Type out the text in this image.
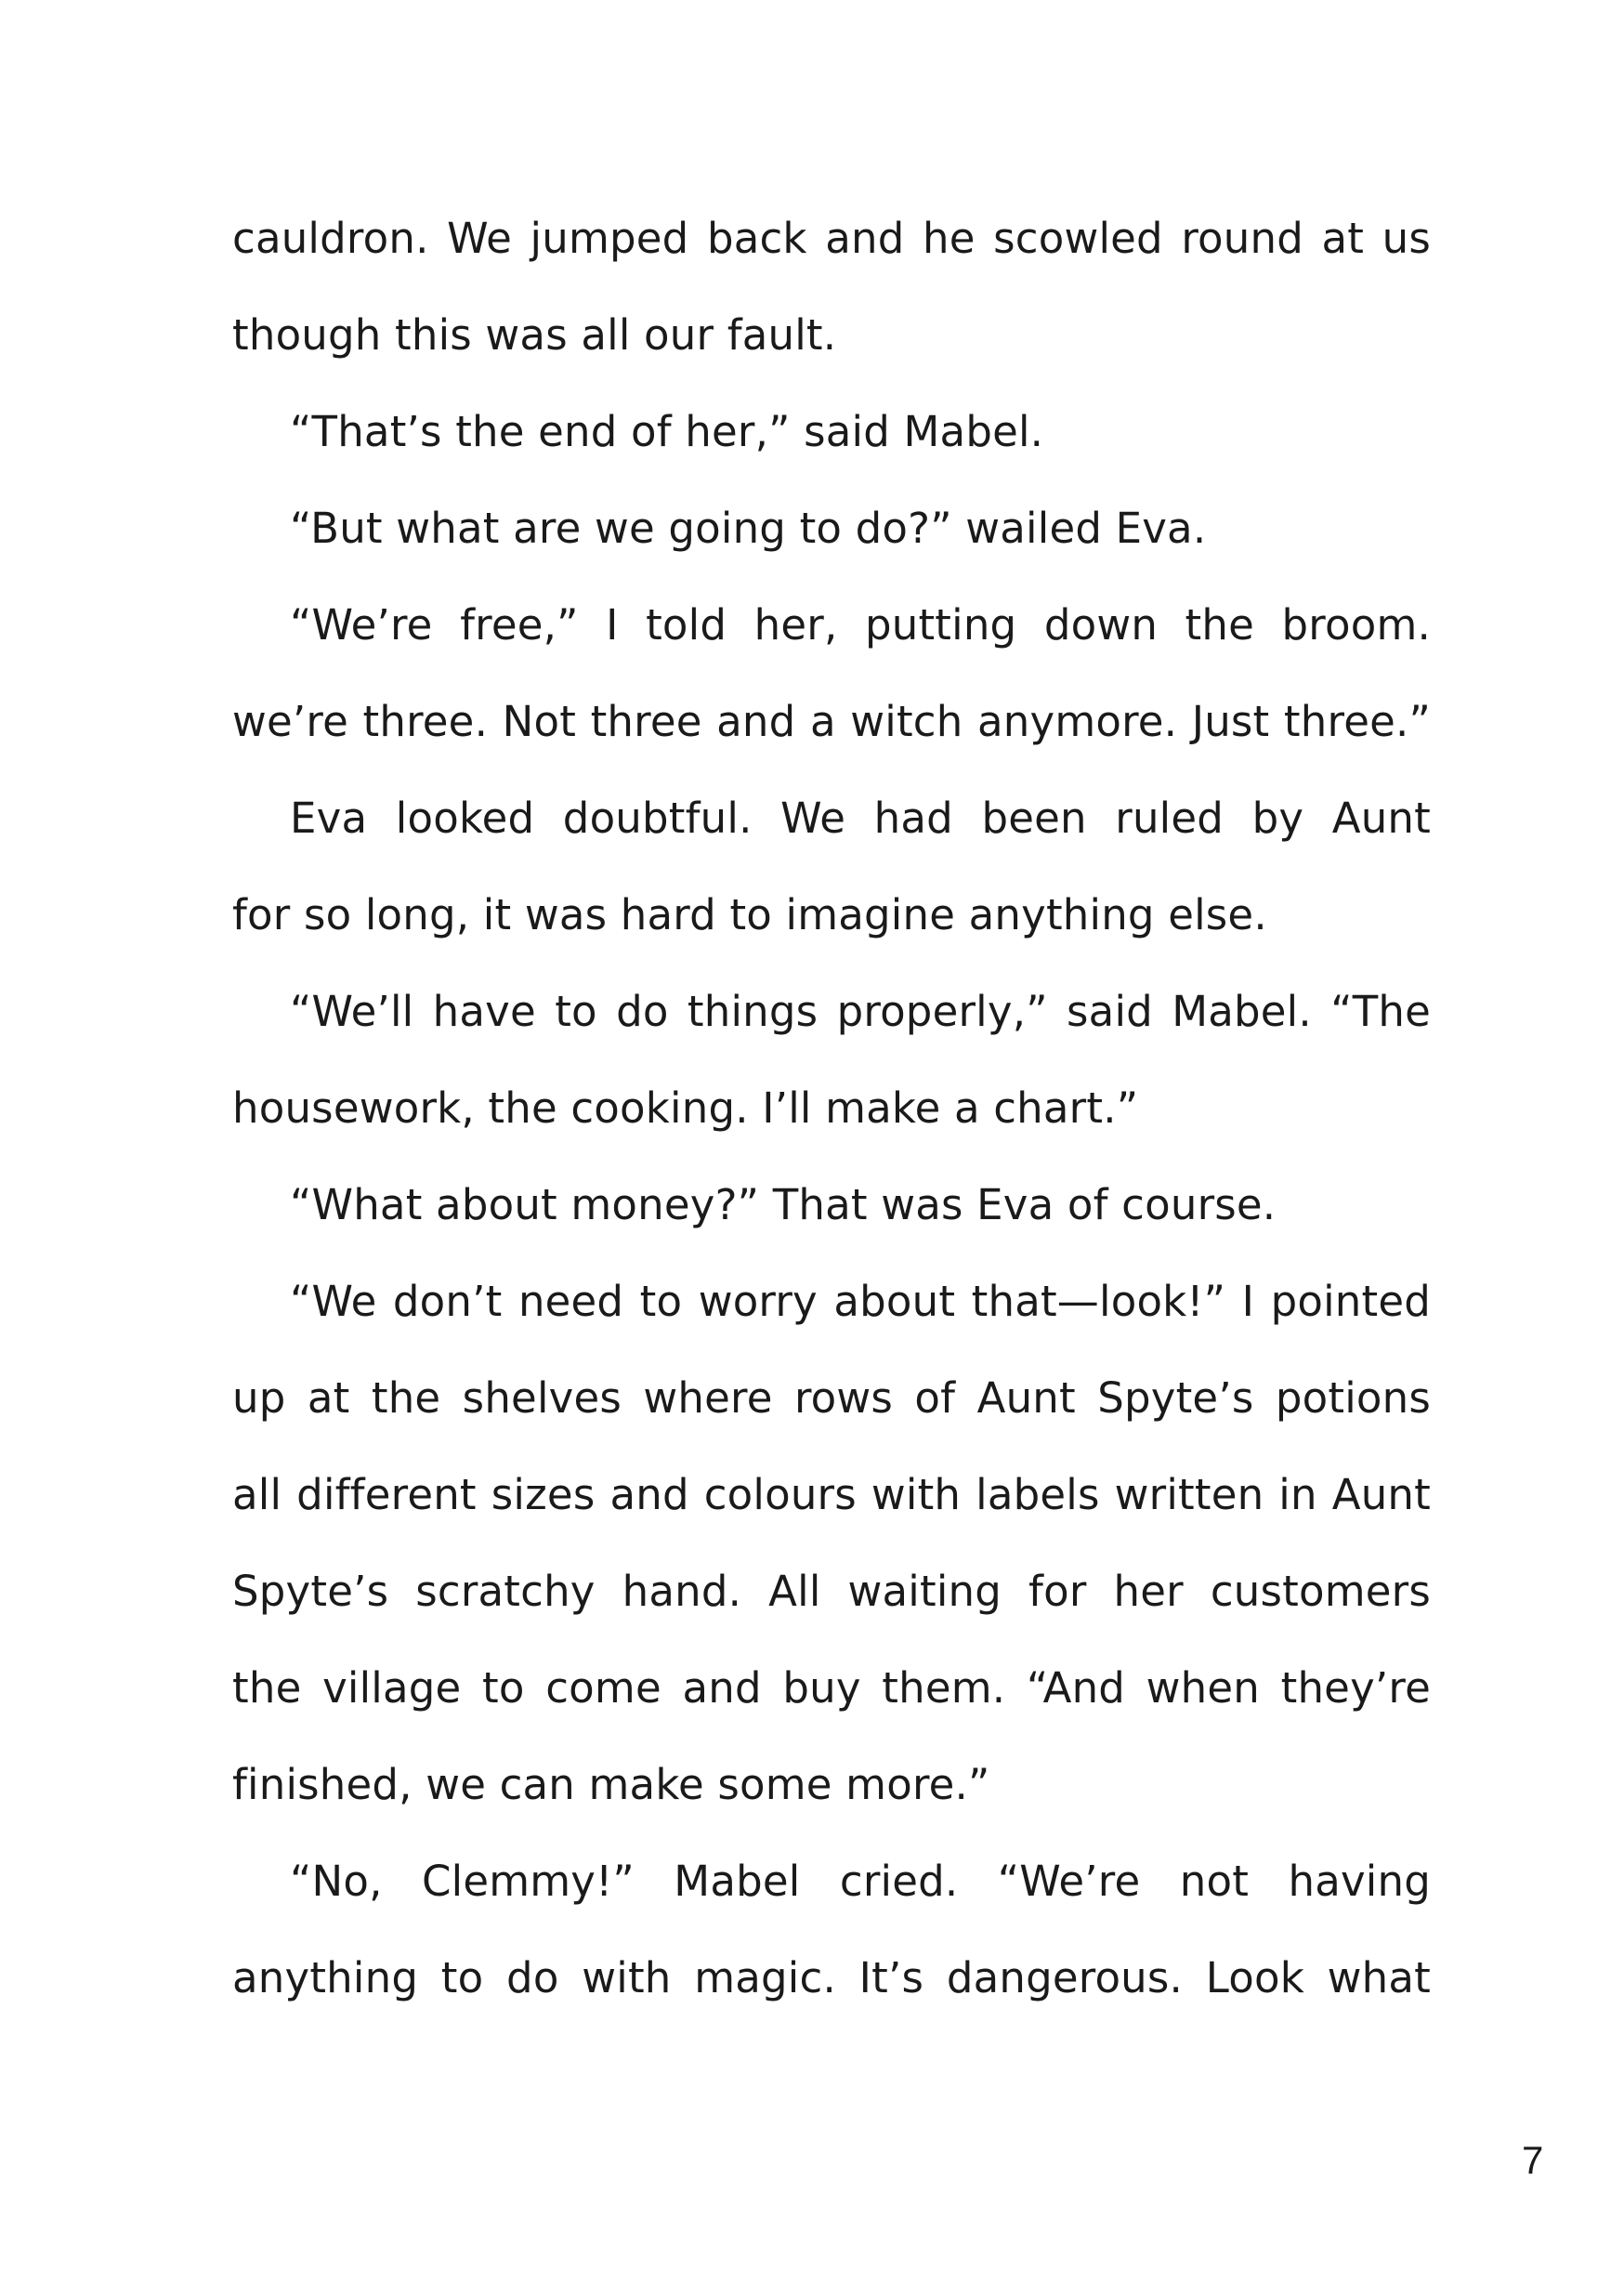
cauldron. We jumped back and he scowled round at us
though this was all our fault.
“That’s the end of her,” said Mabel.
“But what are we going to do?” wailed Eva.
“We’re free,” I told her, putting down the broom.
we’re three. Not three and a witch anymore. Just three.”
Eva looked doubtful. We had been ruled by Aunt
for so long, it was hard to imagine anything else.
“We’ll have to do things properly,” said Mabel. “The
housework, the cooking. I’ll make a chart.”
“What about money?” That was Eva of course.
“We don’t need to worry about that—look!” I pointed
up at the shelves where rows of Aunt Spyte’s potions
all different sizes and colours with labels written in Aunt
Spyte’s scratchy hand. All waiting for her customers
the village to come and buy them. “And when they’re
finished, we can make some more.”
“No, Clemmy!” Mabel cried. “We’re not having
anything to do with magic. It’s dangerous. Look what
7
